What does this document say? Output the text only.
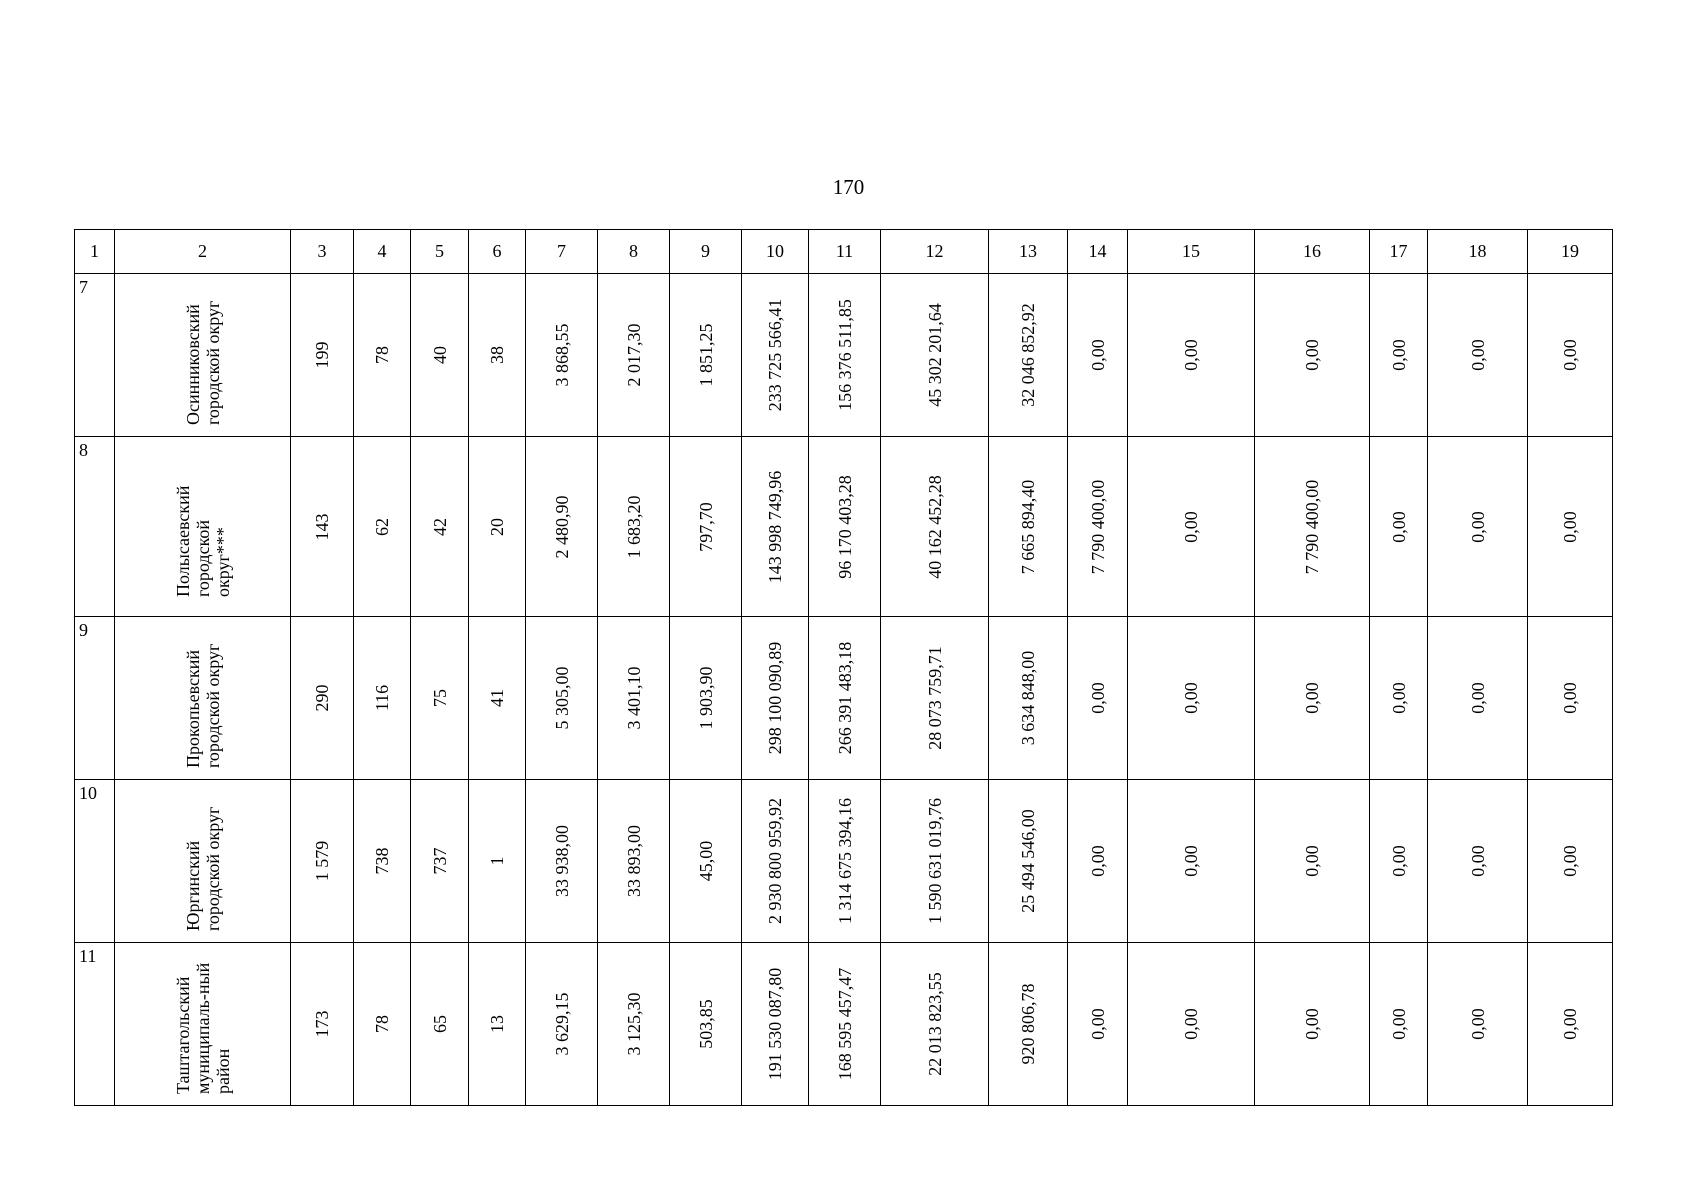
170
1	2	3	4	5	6	7	8	9	10	11	12	13	14	15	16	17	18	19

7	Осинниковский городской округ	199	78	40	38	3 868,55	2 017,30	1 851,25	233 725 566,41	156 376 511,85	45 302 201,64	32 046 852,92	0,00	0,00	0,00	0,00	0,00	0,00

8	Полысаевский городской округ***	143	62	42	20	2 480,90	1 683,20	797,70	143 998 749,96	96 170 403,28	40 162 452,28	7 665 894,40	7 790 400,00	0,00	7 790 400,00	0,00	0,00	0,00

9	Прокопьевский городской округ	290	116	75	41	5 305,00	3 401,10	1 903,90	298 100 090,89	266 391 483,18	28 073 759,71	3 634 848,00	0,00	0,00	0,00	0,00	0,00	0,00

10	Юргинский городской округ	1 579	738	737	1	33 938,00	33 893,00	45,00	2 930 800 959,92	1 314 675 394,16	1 590 631 019,76	25 494 546,00	0,00	0,00	0,00	0,00	0,00	0,00

11	Таштагольский муниципаль-ный район	173	78	65	13	3 629,15	3 125,30	503,85	191 530 087,80	168 595 457,47	22 013 823,55	920 806,78	0,00	0,00	0,00	0,00	0,00	0,00
